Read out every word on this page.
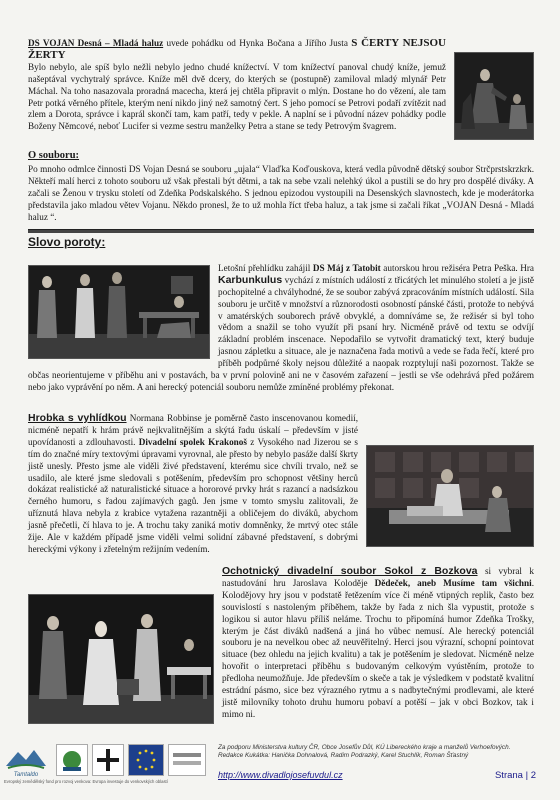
DS VOJAN Desná – Mladá haluz uvede pohádku od Hynka Bočana a Jiřího Justa S ČERTY NEJSOU ŽERTY
Bylo nebylo, ale spíš bylo nežli nebylo jedno chudé knížectví. V tom knížectví panoval chudý kníže, jemuž našeptával vychytralý správce. Kníže měl dvě dcery, do kterých se (postupně) zamiloval mladý mlynář Petr Máchal. Na toho nasazovala proradná macecha, která jej chtěla připravit o mlýn. Dostane ho do vězení, ale tam Petr potká věrného přítele, kterým není nikdo jiný než samotný čert. S jeho pomocí se Petrovi podaří zvítězit nad zlem a Dorota, správce i kaprál skončí tam, kam patří, tedy v pekle. A naplní se i původní název pohádky podle Boženy Němcové, neboť Lucifer si vezme sestru manželky Petra a stane se tedy Petrovým švagrem.

O souboru:

Po mnoho odmlce činnosti DS Vojan Desná se souboru „ujala“ Vlaďka Koďouskova, která vedla původně dětský soubor Strčprstskrzkrk. Někteří malí herci z tohoto souboru už však přestali být dětmi, a tak na sebe vzali nelehký úkol a pustili se do hry pro dospělé diváky. A začali se Ženou v trysku století od Zdeňka Podskalského. S jednou epizodou vystoupili na Desenských slavnostech, kde je moderátorka představila jako mladou větev Vojanu. Někdo pronesl, že to už mohla říct třeba haluz, a tak jsme si začali říkat „VOJAN Desná - Mladá haluz “.

Slovo poroty:

Letošní přehlídku zahájil DS Máj z Tatobit autorskou hrou režiséra Petra Peška. Hra Karbunkulus vychází z místních událostí z třicátých let minulého století a je jistě pochopitelné a chvályhodné, že se soubor zabývá zpracováním místních událostí. Sila souboru je určitě v množství a různorodosti osobností pánské části, protože to nebývá v amatérských souborech právě obvyklé, a domníváme se, že režisér si byl toho vědom a snažil se toho využít při psaní hry. Nicméně právě od textu se odvíjí základní problém inscenace. Nepodařilo se vytvořit dramatický text, který buduje jasnou zápletku a situace, ale je naznačena řada motivů a vede se řada řečí, které pro příběh podpůrné školy nejsou důležité a naopak rozptylují naši pozornost. Takže se občas neorientujeme v příběhu ani v postavách, ba v první polovině ani ne v časovém zařazení – jestli se vše odehrává před požárem nebo jako vyprávění po něm. A ani herecký potenciál souboru nemůže zmíněné problémy překonat.

Hrobka s vyhlídkou Normana Robbinse je poměrně často inscenovanou komedií, nicméně nepatří k hrám právě nejkvalitnějším a skýtá řadu úskalí – především v jisté upovídanosti a zdlouhavosti. Divadelní spolek Krakonoš z Vysokého nad Jizerou se s tím do značné míry textovými úpravami vyrovnal, ale přesto by nebylo pasáže další škrty jistě unesly. Přesto jsme ale viděli živé představení, kterému sice chvíli trvalo, než se usadilo, ale které jsme sledovali s potěšením, především pro schopnost většiny herců dokázat realistické až naturalistické situace a hororové prvky hrát s razancí a nadsázkou černého humoru, s řadou zajímavých gagů. Jen jsme v tomto smyslu zalitovali, že uříznutá hlava nebyla z krabice vytažena razantněji a obličejem do diváků, abychom jasně přečetli, čí hlava to je. A trochu taky zaniká motiv domněnky, že mrtvý otec stále žije. Ale v každém případě jsme viděli velmi solidní zábavné představení, s dobrými hereckými výkony i zřetelným režijním vedením.

Ochotnický divadelní soubor Sokol z Bozkova si vybral k nastudování hru Jaroslava Koloděje Dědeček, aneb Musíme tam všichni. Kolodějovy hry jsou v podstatě řetězením více či méně vtipných replik, často bez souvislostí s nastoleným příběhem, takže by řada z nich šla vypustit, protože s logikou si autor hlavu příliš neláme. Trochu to připomíná humor Zdeňka Trošky, kterým je část diváků nadšená a jiná ho vůbec nemusí. Ale herecký potenciál souboru je na nevelkou obec až neuvěřitelný. Herci jsou výrazní, schopní pointovat situace (bez ohledu na jejich kvalitu) a tak je potěšením je sledovat. Nicméně nelze hovořit o interpretaci příběhu s budovaným celkovým vyústěním, protože to předloha neumožňuje. Jde především o skeče a tak je výsledkem v podstatě kvalitní estrádní pásmo, sice bez výrazného rytmu a s nadbytečnými prodlevami, ale které jistě milovníky tohoto druhu humoru pobaví a potěší – jak v obci Bozkov, tak i mimo ni.

Tamtaldo
Evropský zemědělský fond pro rozvoj venkova: Evropa investuje do venkovských oblastí
Za podporu Ministerstva kultury ČR, Obce Josefův Důl, KÚ Libereckého kraje a manželů Verhoefových.
Redakce Kukátka: Hanička Dohnalová, Radim Podrazký, Karel Stuchlík, Roman Šťastný
http://www.divadlojosefuvdul.cz	Strana | 2
